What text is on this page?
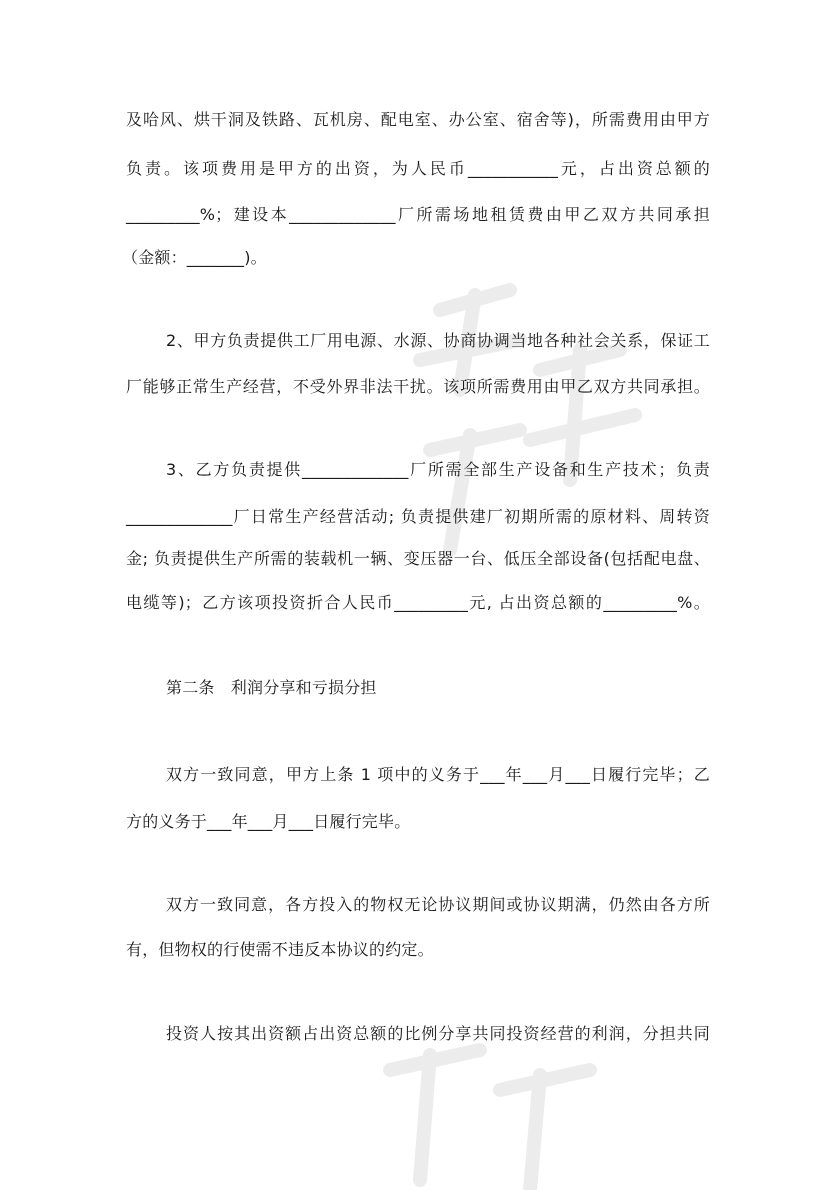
及哈风、烘干洞及铁路、瓦机房、配电室、办公室、宿舍等)，所需费用由甲方
负责。该项费用是甲方的出资，为人民币___________元，占出资总额的
_________%；建设本_____________厂所需场地租赁费由甲乙双方共同承担
（金额：_______)。
2、甲方负责提供工厂用电源、水源、协商协调当地各种社会关系，保证工
厂能够正常生产经营，不受外界非法干扰。该项所需费用由甲乙双方共同承担。
3、乙方负责提供_____________厂所需全部生产设备和生产技术；负责
_____________厂日常生产经营活动; 负责提供建厂初期所需的原材料、周转资
金; 负责提供生产所需的装载机一辆、变压器一台、低压全部设备(包括配电盘、
电缆等)；乙方该项投资折合人民币_________元, 占出资总额的_________%。
第二条　利润分享和亏损分担
双方一致同意，甲方上条 1 项中的义务于___年___月___日履行完毕；乙
方的义务于___年___月___日履行完毕。
双方一致同意，各方投入的物权无论协议期间或协议期满，仍然由各方所
有，但物权的行使需不违反本协议的约定。
投资人按其出资额占出资总额的比例分享共同投资经营的利润，分担共同
